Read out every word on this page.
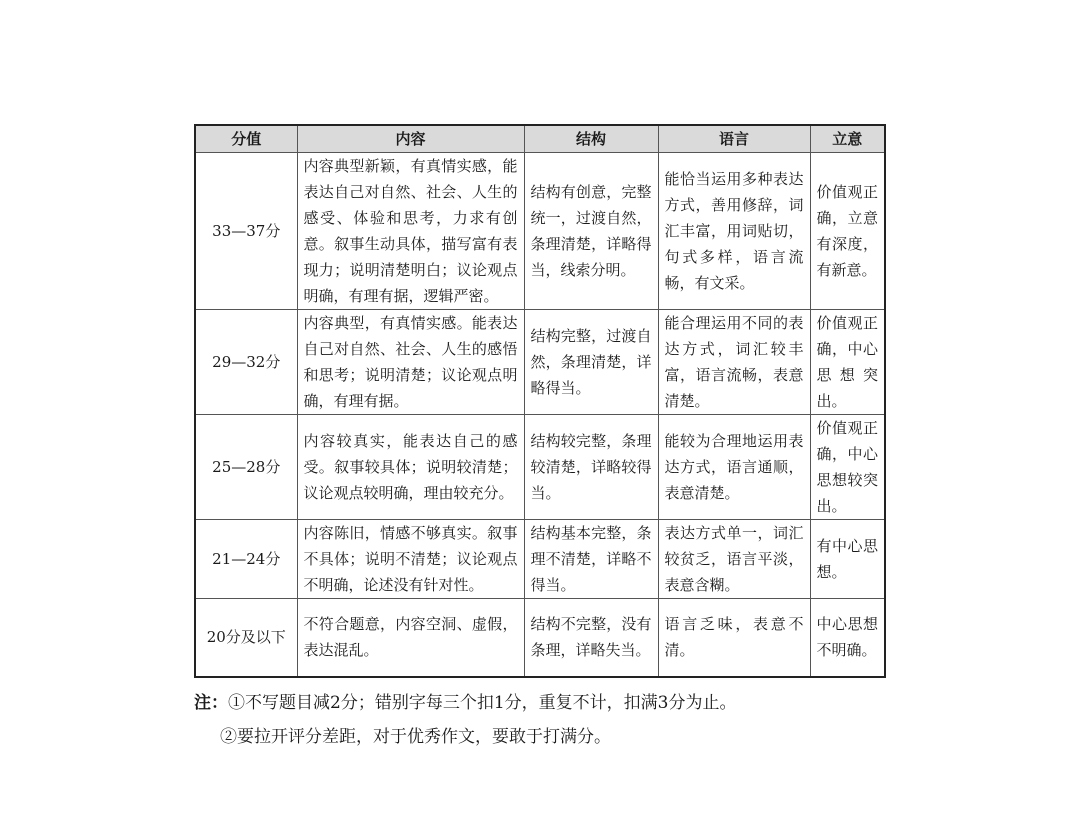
分值	内容	结构	语言	立意
33—37分	内容典型新颖，有真情实感，能表达自己对自然、社会、人生的感受、体验和思考，力求有创意。叙事生动具体，描写富有表现力；说明清楚明白；议论观点明确，有理有据，逻辑严密。	结构有创意，完整统一，过渡自然，条理清楚，详略得当，线索分明。	能恰当运用多种表达方式，善用修辞，词汇丰富，用词贴切，句式多样，语言流畅，有文采。	价值观正确，立意有深度，有新意。
29—32分	内容典型，有真情实感。能表达自己对自然、社会、人生的感悟和思考；说明清楚；议论观点明确，有理有据。	结构完整，过渡自然，条理清楚，详略得当。	能合理运用不同的表达方式，词汇较丰富，语言流畅，表意清楚。	价值观正确，中心思想突出。
25—28分	内容较真实，能表达自己的感受。叙事较具体；说明较清楚；议论观点较明确，理由较充分。	结构较完整，条理较清楚，详略较得当。	能较为合理地运用表达方式，语言通顺，表意清楚。	价值观正确，中心思想较突出。
21—24分	内容陈旧，情感不够真实。叙事不具体；说明不清楚；议论观点不明确，论述没有针对性。	结构基本完整，条理不清楚，详略不得当。	表达方式单一，词汇较贫乏，语言平淡，表意含糊。	有中心思想。
20分及以下	不符合题意，内容空洞、虚假，表达混乱。	结构不完整，没有条理，详略失当。	语言乏味，表意不清。	中心思想不明确。
注：①不写题目减2分；错别字每三个扣1分，重复不计，扣满3分为止。
②要拉开评分差距，对于优秀作文，要敢于打满分。
